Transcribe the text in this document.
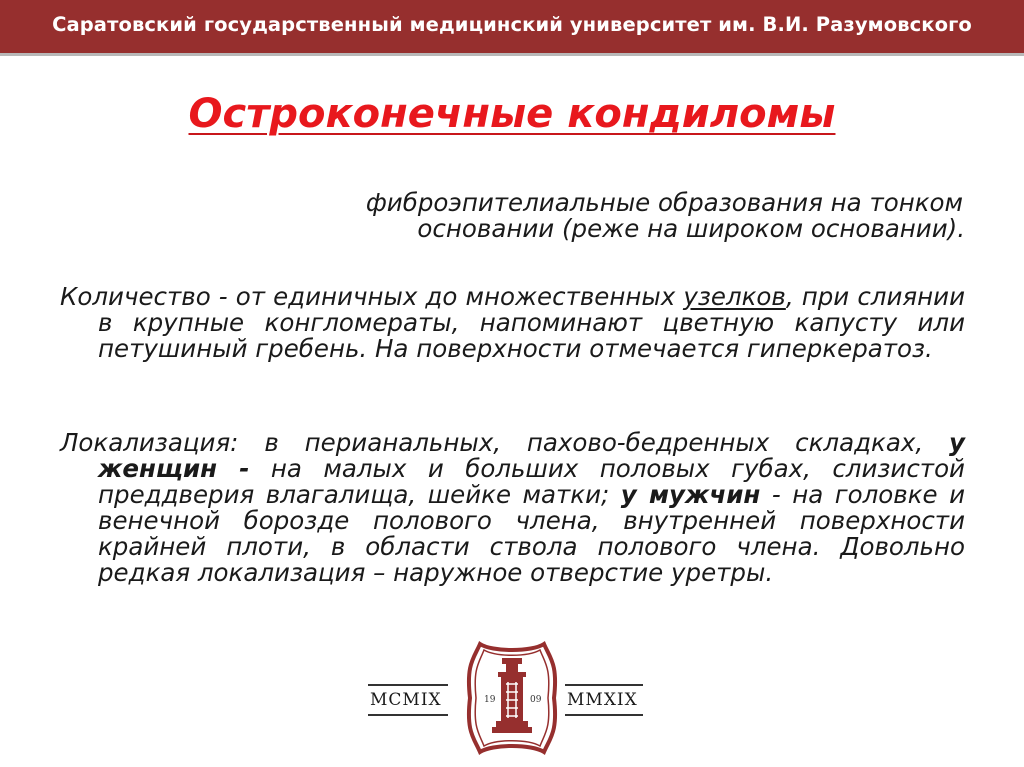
Саратовский государственный медицинский университет им. В.И. Разумовского
Остроконечные кондиломы

фиброэпителиальные образования на тонком
основании (реже на широком основании).

Количество - от единичных до множественных узелков, при слиянии в крупные конгломераты, напоминают цветную капусту или петушиный гребень. На поверхности отмечается гиперкератоз.

Локализация: в перианальных, пахово-бедренных складках, у женщин - на малых и больших половых губах, слизистой преддверия влагалища, шейке матки; у мужчин - на головке и венечной борозде полового члена, внутренней поверхности крайней плоти, в области ствола полового члена. Довольно редкая локализация – наружное отверстие уретры.

MCMIX	MMXIX
19	09
